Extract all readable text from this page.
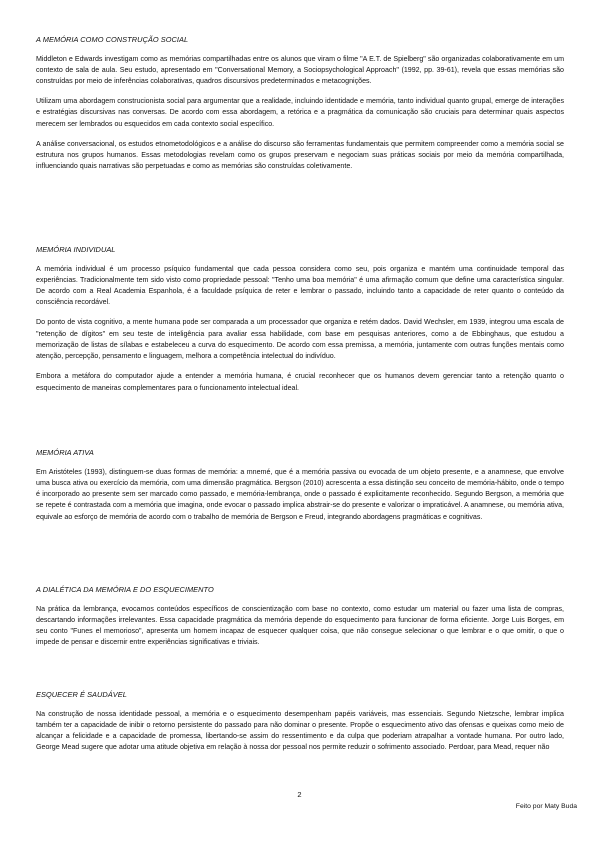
A MEMÓRIA COMO CONSTRUÇÃO SOCIAL

Middleton e Edwards investigam como as memórias compartilhadas entre os alunos que viram o filme "A E.T. de Spielberg" são organizadas colaborativamente em um contexto de sala de aula. Seu estudo, apresentado em "Conversational Memory, a Sociopsychological Approach" (1992, pp. 39-61), revela que essas memórias são construídas por meio de inferências colaborativas, quadros discursivos predeterminados e metacognições.

Utilizam uma abordagem construcionista social para argumentar que a realidade, incluindo identidade e memória, tanto individual quanto grupal, emerge de interações e estratégias discursivas nas conversas. De acordo com essa abordagem, a retórica e a pragmática da comunicação são cruciais para determinar quais aspectos merecem ser lembrados ou esquecidos em cada contexto social específico.

A análise conversacional, os estudos etnometodológicos e a análise do discurso são ferramentas fundamentais que permitem compreender como a memória social se estrutura nos grupos humanos. Essas metodologias revelam como os grupos preservam e negociam suas práticas sociais por meio da memória compartilhada, influenciando quais narrativas são perpetuadas e como as memórias são construídas coletivamente.

MEMÓRIA INDIVIDUAL

A memória individual é um processo psíquico fundamental que cada pessoa considera como seu, pois organiza e mantém uma continuidade temporal das experiências. Tradicionalmente tem sido visto como propriedade pessoal: "Tenho uma boa memória" é uma afirmação comum que define uma característica singular. De acordo com a Real Academia Espanhola, é a faculdade psíquica de reter e lembrar o passado, incluindo tanto a capacidade de reter quanto o conteúdo da consciência recordável.

Do ponto de vista cognitivo, a mente humana pode ser comparada a um processador que organiza e retém dados. David Wechsler, em 1939, integrou uma escala de "retenção de dígitos" em seu teste de inteligência para avaliar essa habilidade, com base em pesquisas anteriores, como a de Ebbinghaus, que estudou a memorização de listas de sílabas e estabeleceu a curva do esquecimento. De acordo com essa premissa, a memória, juntamente com outras funções mentais como atenção, percepção, pensamento e linguagem, melhora a competência intelectual do indivíduo.

Embora a metáfora do computador ajude a entender a memória humana, é crucial reconhecer que os humanos devem gerenciar tanto a retenção quanto o esquecimento de maneiras complementares para o funcionamento intelectual ideal.

MEMÓRIA ATIVA

Em Aristóteles (1993), distinguem-se duas formas de memória: a mnemé, que é a memória passiva ou evocada de um objeto presente, e a anamnese, que envolve uma busca ativa ou exercício da memória, com uma dimensão pragmática. Bergson (2010) acrescenta a essa distinção seu conceito de memória-hábito, onde o tempo é incorporado ao presente sem ser marcado como passado, e memória-lembrança, onde o passado é explicitamente reconhecido. Segundo Bergson, a memória que se repete é contrastada com a memória que imagina, onde evocar o passado implica abstrair-se do presente e valorizar o impraticável. A anamnese, ou memória ativa, equivale ao esforço de memória de acordo com o trabalho de memória de Bergson e Freud, integrando abordagens pragmáticas e cognitivas.

A DIALÉTICA DA MEMÓRIA E DO ESQUECIMENTO

Na prática da lembrança, evocamos conteúdos específicos de conscientização com base no contexto, como estudar um material ou fazer uma lista de compras, descartando informações irrelevantes. Essa capacidade pragmática da memória depende do esquecimento para funcionar de forma eficiente. Jorge Luis Borges, em seu conto "Funes el memorioso", apresenta um homem incapaz de esquecer qualquer coisa, que não consegue selecionar o que lembrar e o que omitir, o que o impede de pensar e discernir entre experiências significativas e triviais.

ESQUECER É SAUDÁVEL

Na construção de nossa identidade pessoal, a memória e o esquecimento desempenham papéis variáveis, mas essenciais. Segundo Nietzsche, lembrar implica também ter a capacidade de inibir o retorno persistente do passado para não dominar o presente. Propõe o esquecimento ativo das ofensas e queixas como meio de alcançar a felicidade e a capacidade de promessa, libertando-se assim do ressentimento e da culpa que poderiam atrapalhar a vontade humana. Por outro lado, George Mead sugere que adotar uma atitude objetiva em relação à nossa dor pessoal nos permite reduzir o sofrimento associado. Perdoar, para Mead, requer não

2
Feito por Maty Buda
